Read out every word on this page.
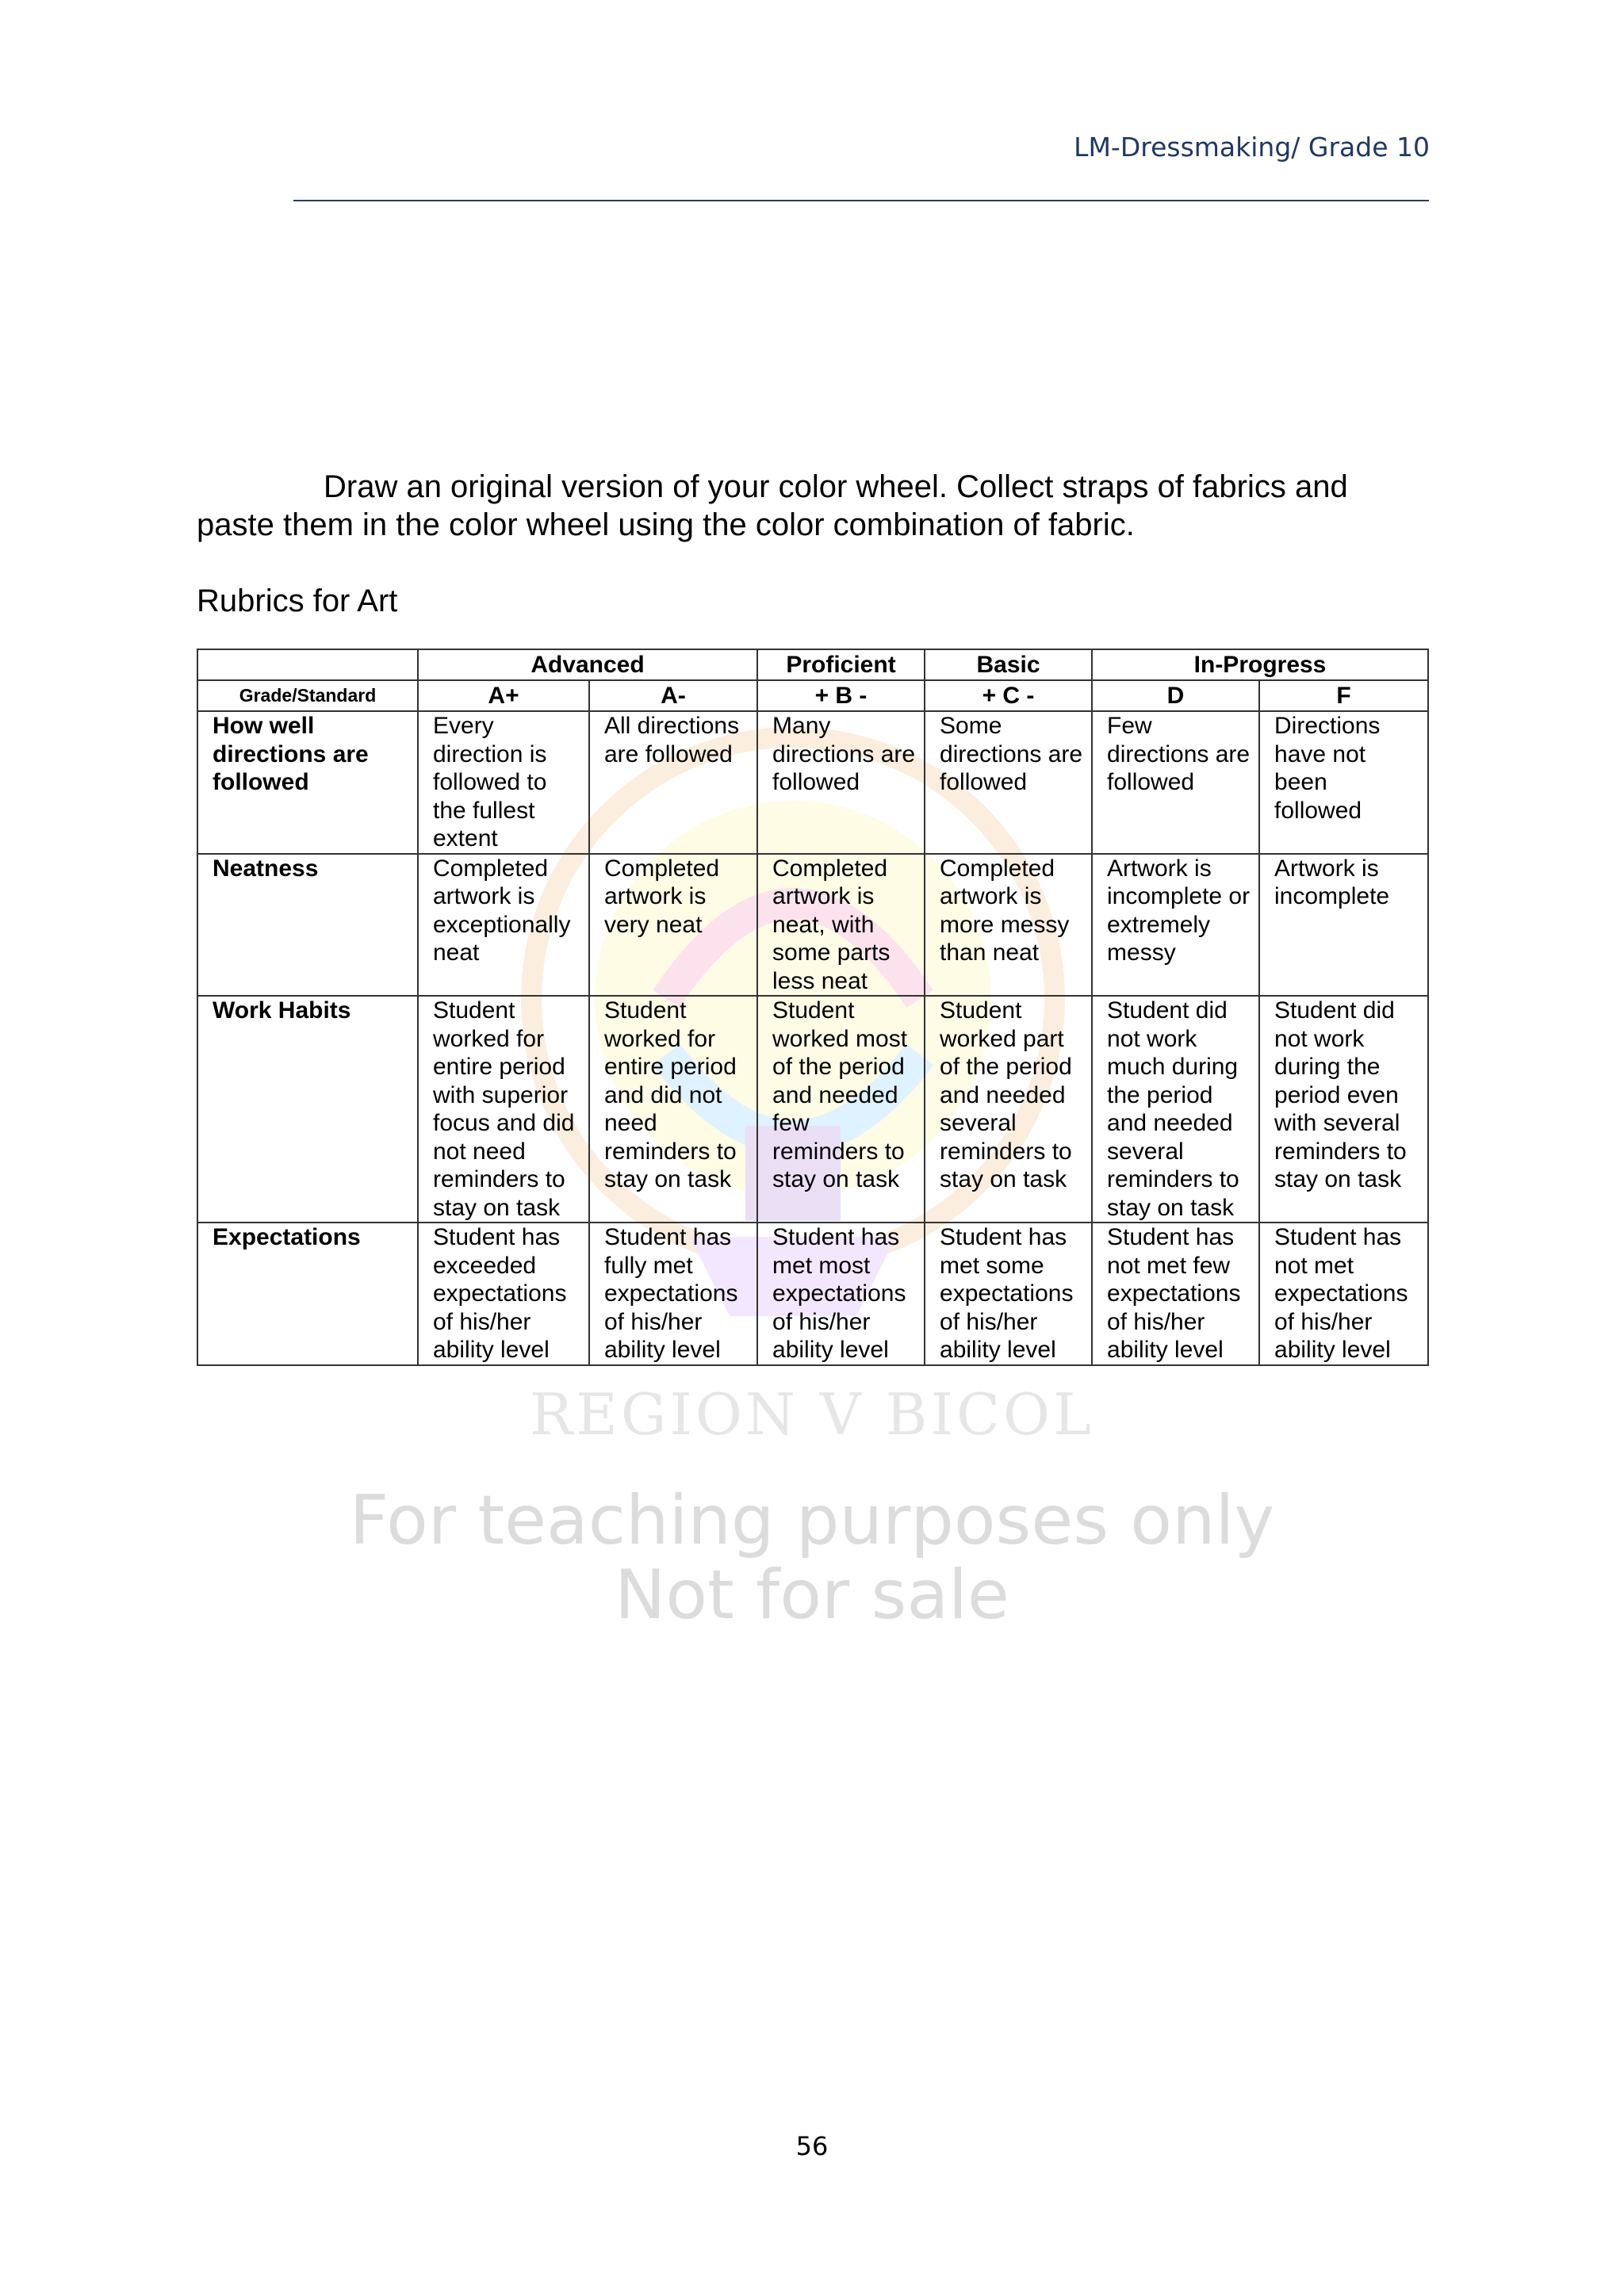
LM-Dressmaking/ Grade 10
Draw an original version of your color wheel. Collect straps of fabrics and
paste them in the color wheel using the color combination of fabric.
Rubrics for Art
	Advanced		Proficient	Basic	In-Progress	
Grade/Standard	A+	A-	+ B -	+ C -	D	F
How well directions are followed	Every direction is followed to the fullest extent	All directions are followed	Many directions are followed	Some directions are followed	Few directions are followed	Directions have not been followed
Neatness	Completed artwork is exceptionally neat	Completed artwork is very neat	Completed artwork is neat, with some parts less neat	Completed artwork is more messy than neat	Artwork is incomplete or extremely messy	Artwork is incomplete
Work Habits	Student worked for entire period with superior focus and did not need reminders to stay on task	Student worked for entire period and did not need reminders to stay on task	Student worked most of the period and needed few reminders to stay on task	Student worked part of the period and needed several reminders to stay on task	Student did not work much during the period and needed several reminders to stay on task	Student did not work during the period even with several reminders to stay on task
Expectations	Student has exceeded expectations of his/her ability level	Student has fully met expectations of his/her ability level	Student has met most expectations of his/her ability level	Student has met some expectations of his/her ability level	Student has not met few expectations of his/her ability level	Student has not met expectations of his/her ability level
REGION V BICOL
For teaching purposes only
Not for sale
56
